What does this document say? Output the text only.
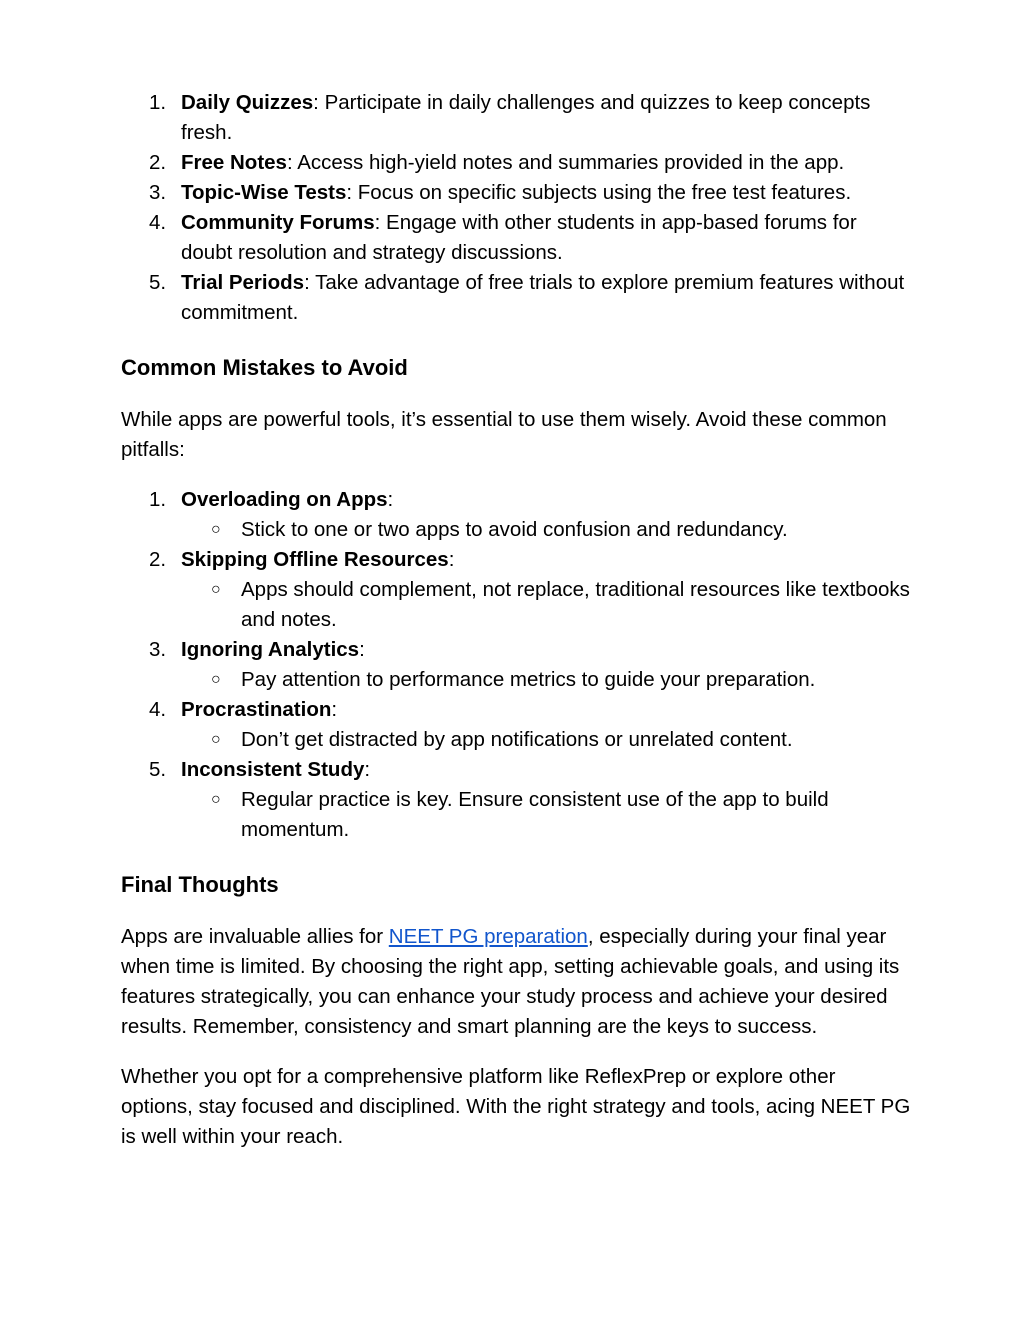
1. Daily Quizzes: Participate in daily challenges and quizzes to keep concepts fresh.
2. Free Notes: Access high-yield notes and summaries provided in the app.
3. Topic-Wise Tests: Focus on specific subjects using the free test features.
4. Community Forums: Engage with other students in app-based forums for doubt resolution and strategy discussions.
5. Trial Periods: Take advantage of free trials to explore premium features without commitment.
Common Mistakes to Avoid

While apps are powerful tools, it’s essential to use them wisely. Avoid these common pitfalls:

1. Overloading on Apps:
○ Stick to one or two apps to avoid confusion and redundancy.
2. Skipping Offline Resources:
○ Apps should complement, not replace, traditional resources like textbooks and notes.
3. Ignoring Analytics:
○ Pay attention to performance metrics to guide your preparation.
4. Procrastination:
○ Don’t get distracted by app notifications or unrelated content.
5. Inconsistent Study:
○ Regular practice is key. Ensure consistent use of the app to build momentum.
Final Thoughts

Apps are invaluable allies for NEET PG preparation, especially during your final year when time is limited. By choosing the right app, setting achievable goals, and using its features strategically, you can enhance your study process and achieve your desired results. Remember, consistency and smart planning are the keys to success.

Whether you opt for a comprehensive platform like ReflexPrep or explore other options, stay focused and disciplined. With the right strategy and tools, acing NEET PG is well within your reach.
